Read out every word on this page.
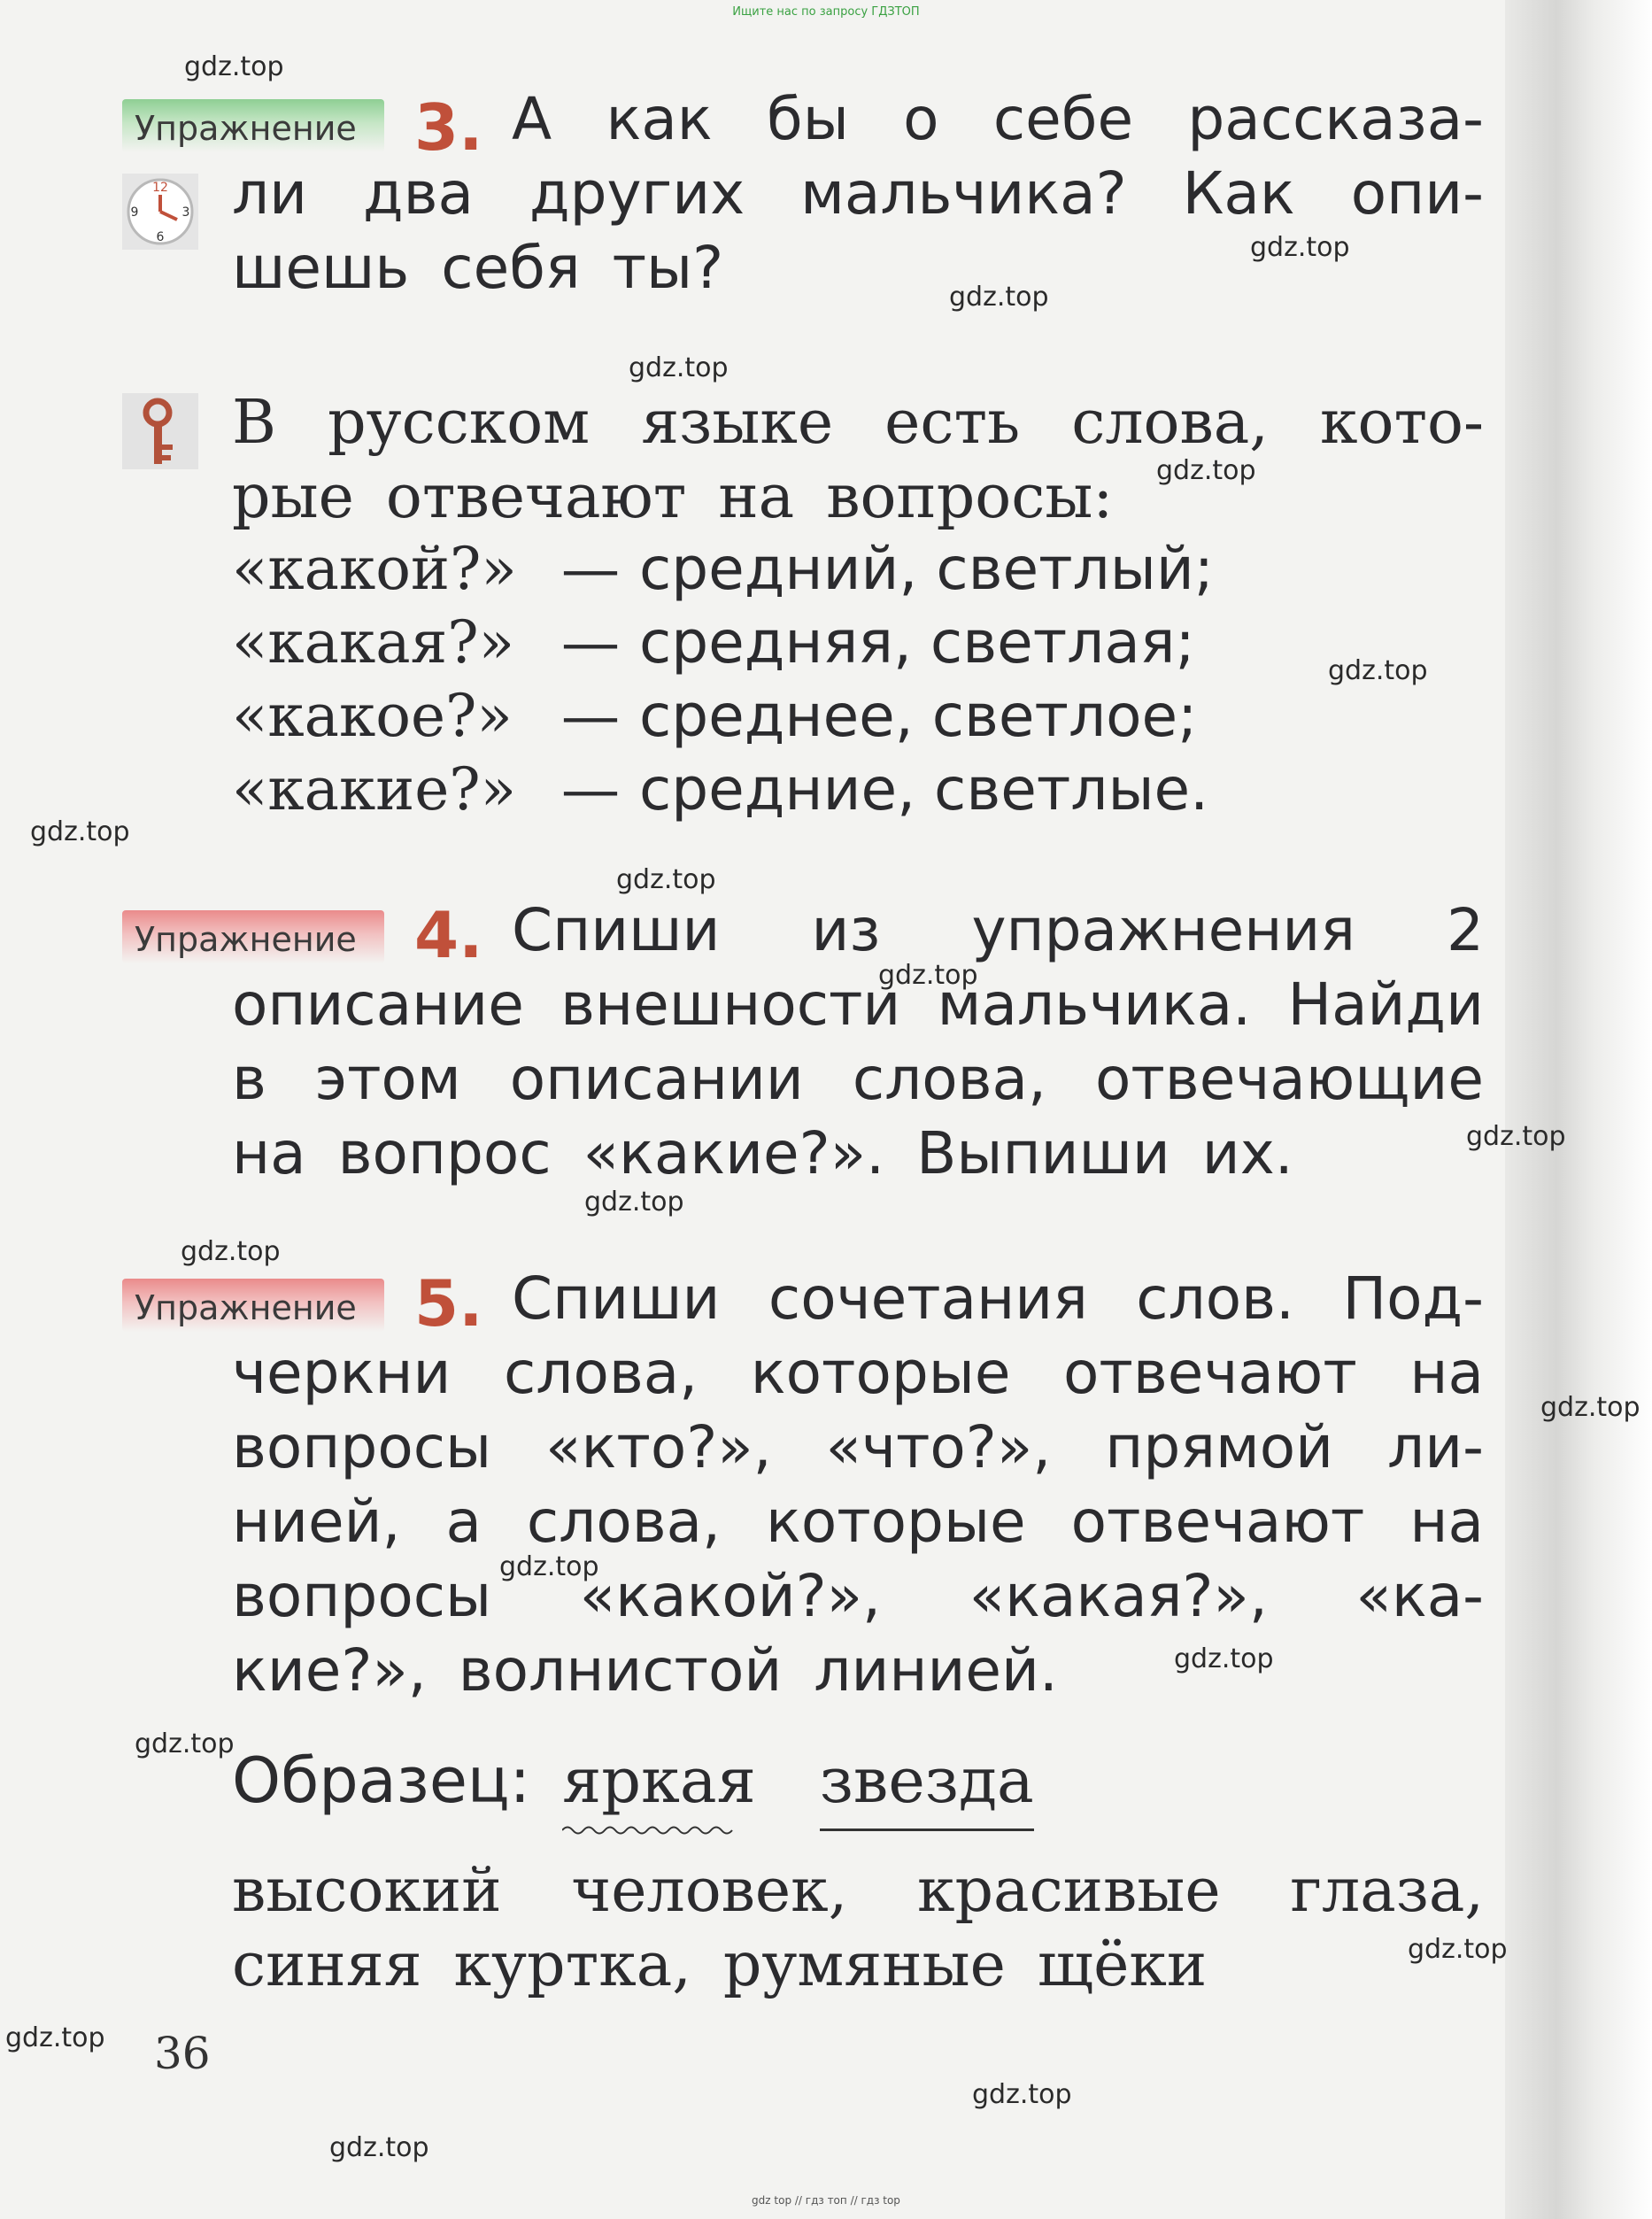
Ищите нас по запросу ГДЗТОП
gdz.top
gdz.top
gdz.top
gdz.top
gdz.top
gdz.top
gdz.top
gdz.top
gdz.top
gdz.top
gdz.top
gdz.top
gdz.top
gdz.top
gdz.top
gdz.top
gdz.top
gdz.top
gdz.top
gdz.top
Упражнение 3.
12
3
6
9
А как бы о себе рассказа-
ли два других мальчика? Как опи-
шешь себя ты?
В русском языке есть слова, кото-
рые отвечают на вопросы:
«какой?» — средний, светлый;
«какая?» — средняя, светлая;
«какое?» — среднее, светлое;
«какие?» — средние, светлые.
Упражнение 4. Спиши из упражнения 2
описание внешности мальчика. Найди
в этом описании слова, отвечающие
на вопрос «какие?». Выпиши их.
Упражнение 5. Спиши сочетания слов. Под-
черкни слова, которые отвечают на
вопросы «кто?», «что?», прямой ли-
нией, а слова, которые отвечают на
вопросы «какой?», «какая?», «ка-
кие?», волнистой линией.
Образец: яркая	звезда
высокий человек, красивые глаза,
синяя куртка, румяные щёки
36
gdz top // гдз топ // гдз top
